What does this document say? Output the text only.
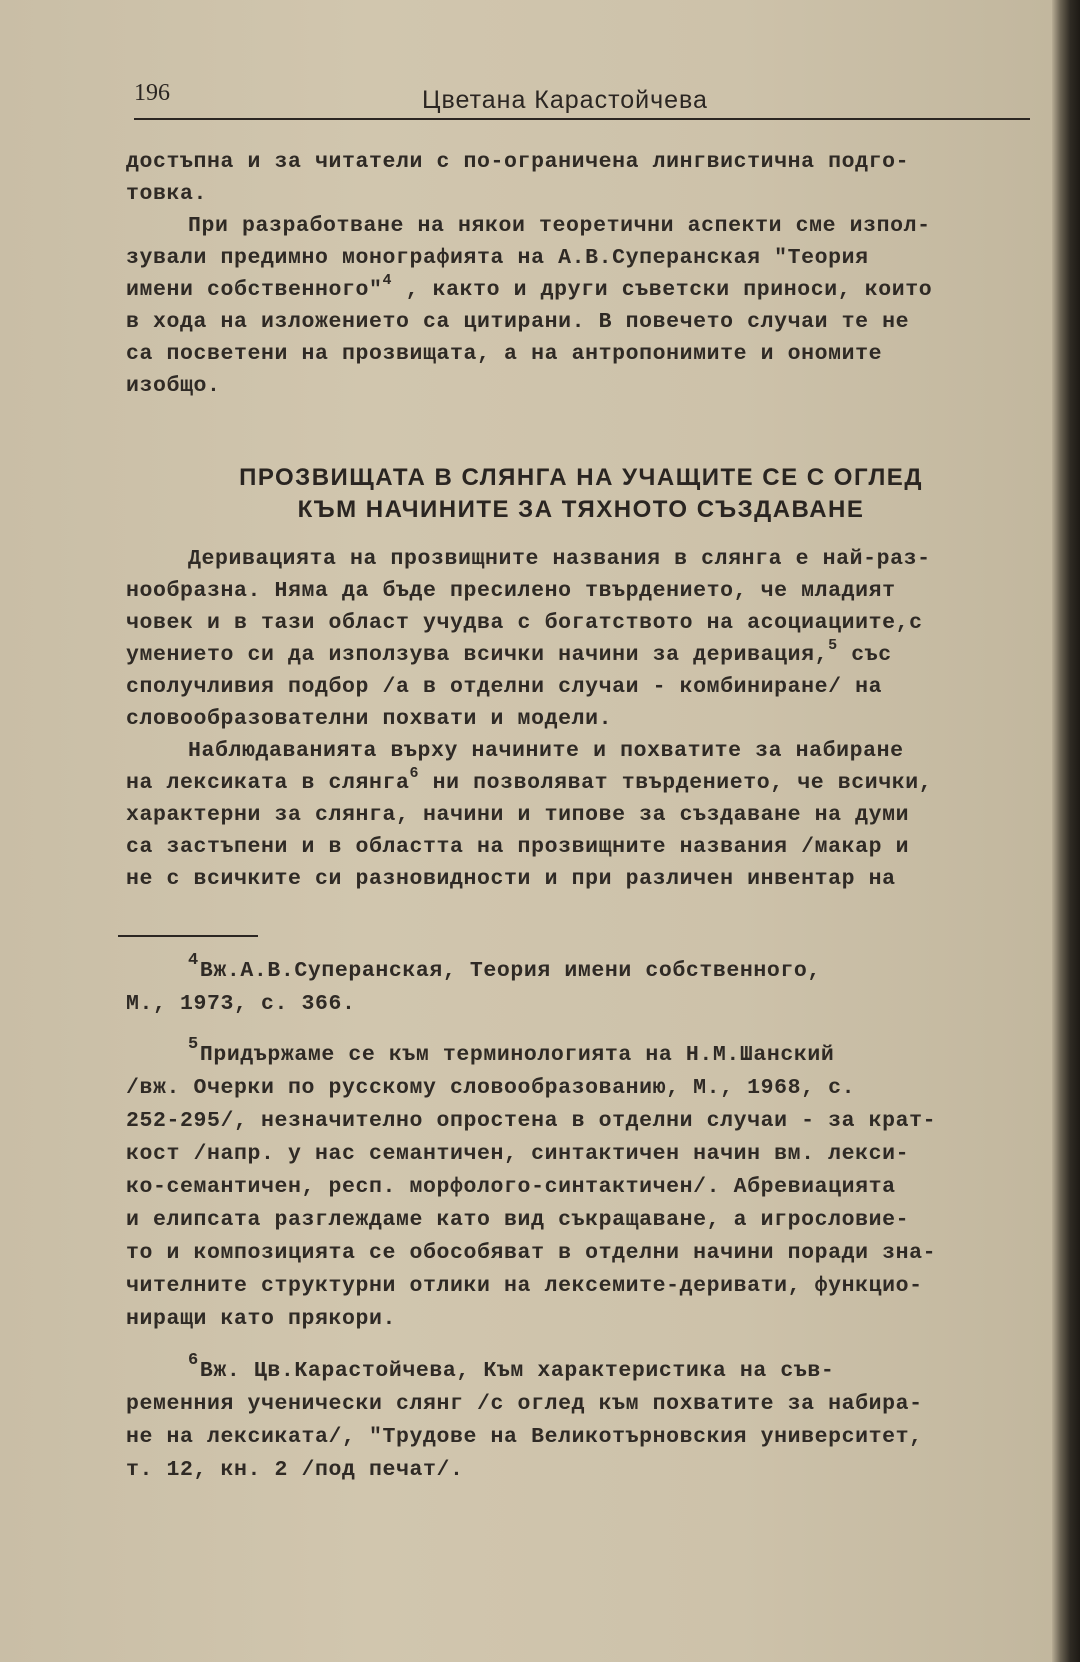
196	Цветана Карастойчева
достъпна и за читатели с по-ограничена лингвистична подго-
товка.
При разработване на някои теоретични аспекти сме изпол-
зували предимно монографията на А.В.Суперанская "Теория
имени собственного"$^4$ , както и други съветски приноси, които
в хода на изложението са цитирани. В повечето случаи те не
са посветени на прозвищата, а на антропонимите и ономите
изобщо.
ПРОЗВИЩАТА В СЛЯНГА НА УЧАЩИТЕ СЕ С ОГЛЕД
КЪМ НАЧИНИТЕ ЗА ТЯХНОТО СЪЗДАВАНЕ
Деривацията на прозвищните названия в слянга е най-раз-
нообразна. Няма да бъде пресилено твърдението, че младият
човек и в тази област учудва с богатството на асоциациите,с
умението си да използува всички начини за деривация,$^5$ със
сполучливия подбор /а в отделни случаи - комбиниране/ на
словообразователни похвати и модели.
Наблюдаванията върху начините и похватите за набиране
на лексиката в слянга$^6$ ни позволяват твърдението, че всички,
характерни за слянга, начини и типове за създаване на думи
са застъпени и в областта на прозвищните названия /макар и
не с всичките си разновидности и при различен инвентар на
$^4$Вж.А.В.Суперанская, Теория имени собственного,
М., 1973, с. 366.
$^5$Придържаме се към терминологията на Н.М.Шанский
/вж. Очерки по русскому словообразованию, М., 1968, с.
252-295/, незначително опростена в отделни случаи - за крат-
кост /напр. у нас семантичен, синтактичен начин вм. лекси-
ко-семантичен, респ. морфолого-синтактичен/. Абревиацията
и елипсата разглеждаме като вид съкращаване, а игрословие-
то и композицията се обособяват в отделни начини поради зна-
чителните структурни отлики на лексемите-деривати, функцио-
ниращи като прякори.
$^6$Вж. Цв.Карастойчева, Към характеристика на съв-
ременния ученически слянг /с оглед към похватите за набира-
не на лексиката/, "Трудове на Великотърновския университет,
т. 12, кн. 2 /под печат/.
